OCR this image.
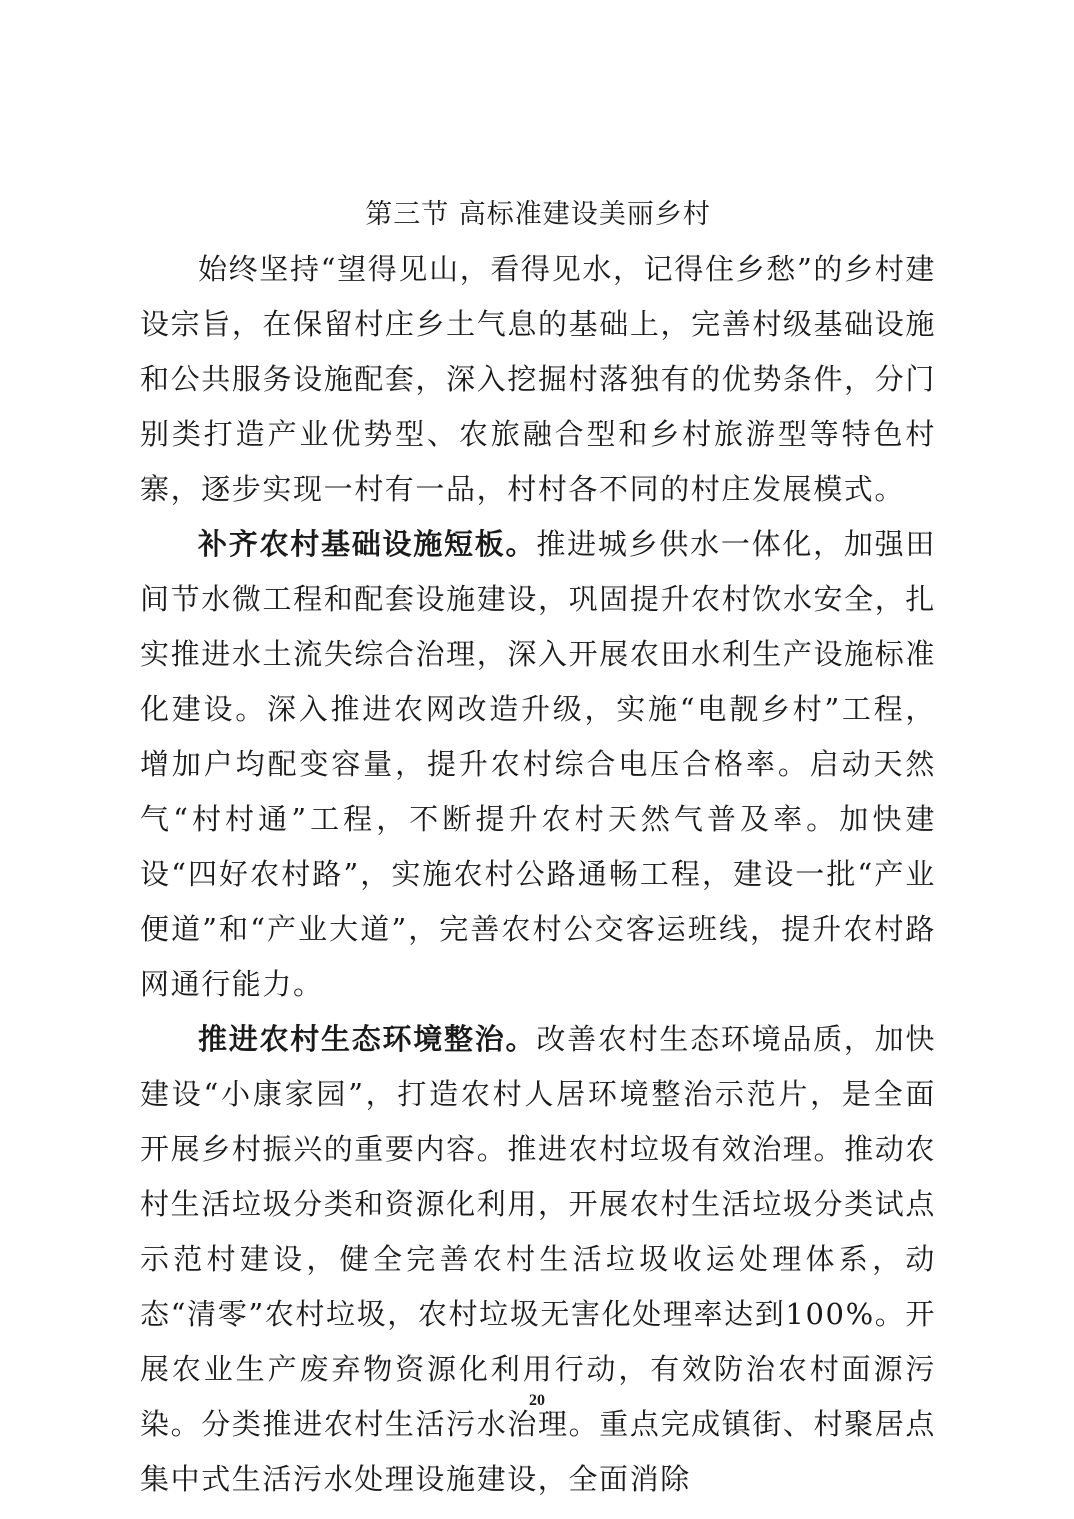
第三节 高标准建设美丽乡村

始终坚持“望得见山，看得见水，记得住乡愁”的乡村建设宗旨，在保留村庄乡土气息的基础上，完善村级基础设施和公共服务设施配套，深入挖掘村落独有的优势条件，分门别类打造产业优势型、农旅融合型和乡村旅游型等特色村寨，逐步实现一村有一品，村村各不同的村庄发展模式。

补齐农村基础设施短板。推进城乡供水一体化，加强田间节水微工程和配套设施建设，巩固提升农村饮水安全，扎实推进水土流失综合治理，深入开展农田水利生产设施标准化建设。深入推进农网改造升级，实施“电靓乡村”工程，增加户均配变容量，提升农村综合电压合格率。启动天然气“村村通”工程，不断提升农村天然气普及率。加快建设“四好农村路”，实施农村公路通畅工程，建设一批“产业便道”和“产业大道”，完善农村公交客运班线，提升农村路网通行能力。

推进农村生态环境整治。改善农村生态环境品质，加快建设“小康家园”，打造农村人居环境整治示范片，是全面开展乡村振兴的重要内容。推进农村垃圾有效治理。推动农村生活垃圾分类和资源化利用，开展农村生活垃圾分类试点示范村建设，健全完善农村生活垃圾收运处理体系，动态“清零”农村垃圾，农村垃圾无害化处理率达到100%。开展农业生产废弃物资源化利用行动，有效防治农村面源污染。分类推进农村生活污水治理。重点完成镇街、村聚居点集中式生活污水处理设施建设，全面消除

20
